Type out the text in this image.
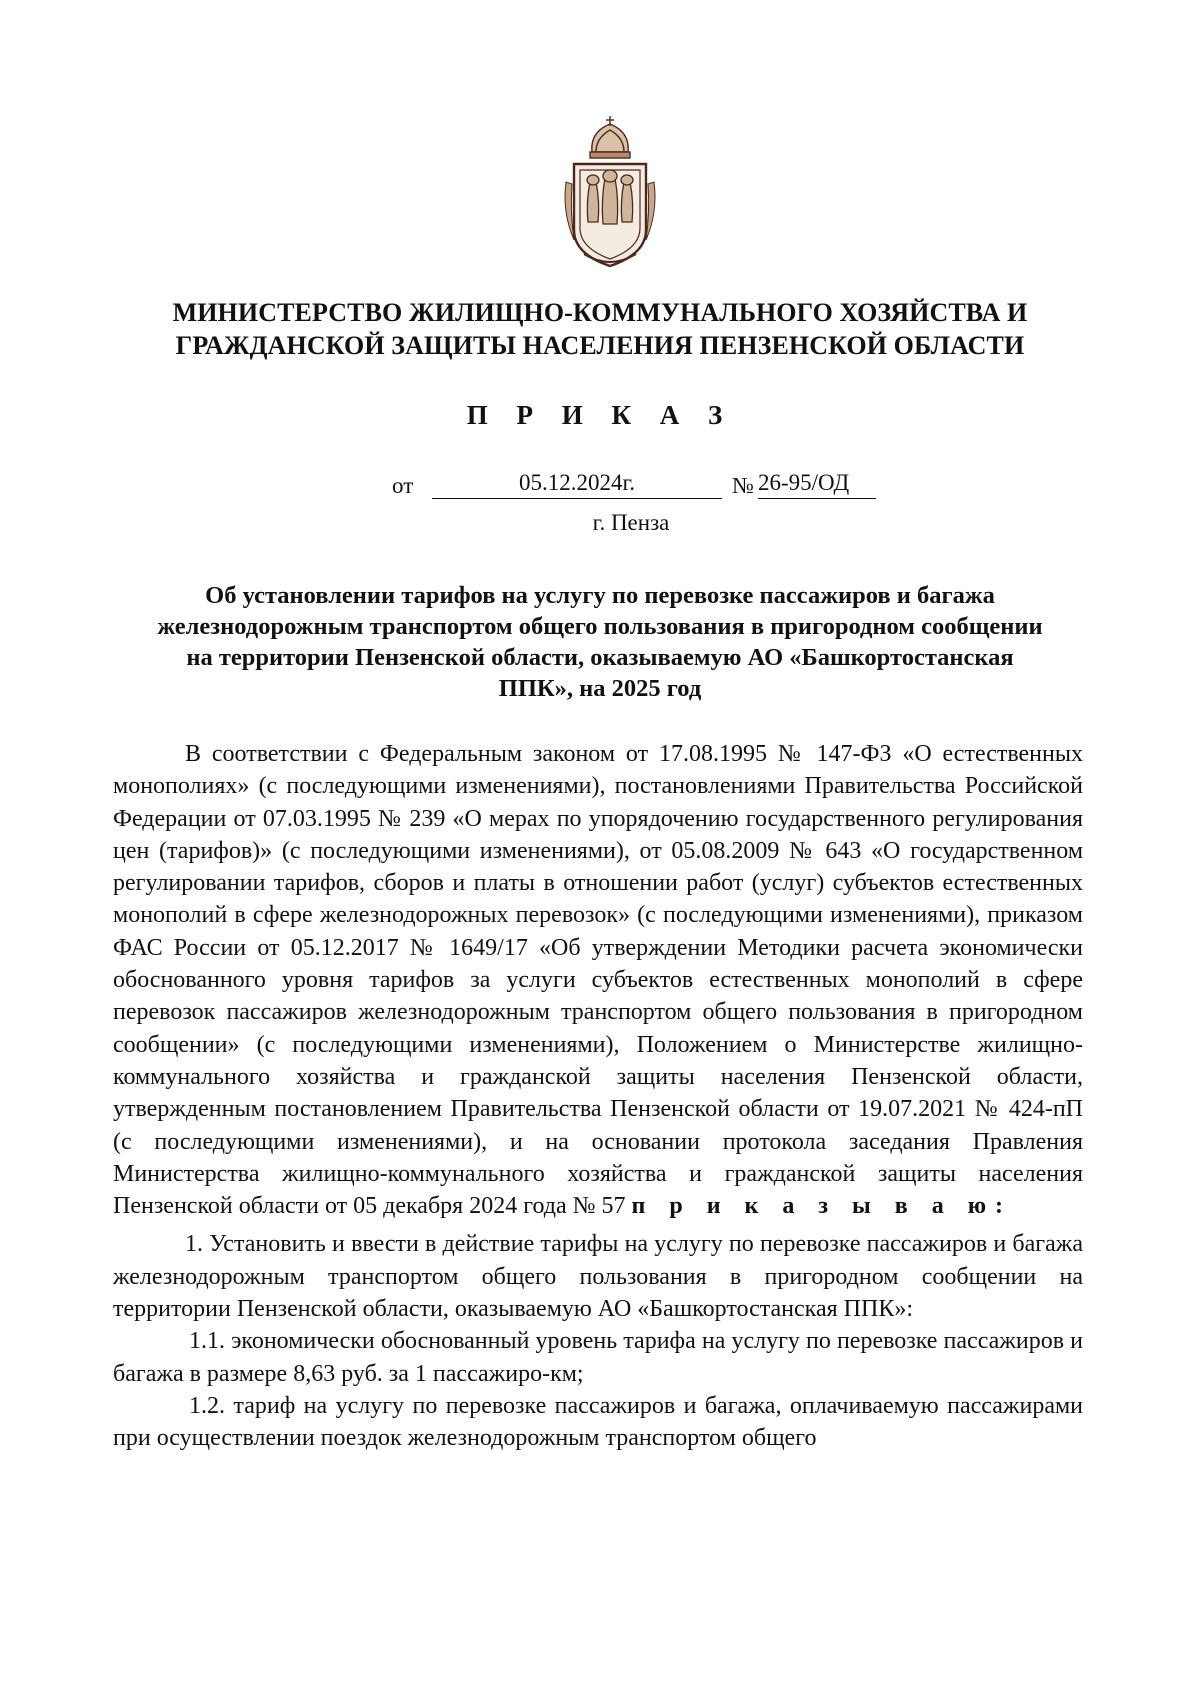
МИНИСТЕРСТВО ЖИЛИЩНО-КОММУНАЛЬНОГО ХОЗЯЙСТВА И
ГРАЖДАНСКОЙ ЗАЩИТЫ НАСЕЛЕНИЯ ПЕНЗЕНСКОЙ ОБЛАСТИ
П Р И К А З
от	05.12.2024г.	№ 26-95/ОД
г. Пенза
Об установлении тарифов на услугу по перевозке пассажиров и багажа
железнодорожным транспортом общего пользования в пригородном сообщении
на территории Пензенской области, оказываемую АО «Башкортостанская
ППК», на 2025 год

В соответствии с Федеральным законом от 17.08.1995 № 147-ФЗ «О естественных монополиях» (с последующими изменениями), постановлениями Правительства Российской Федерации от 07.03.1995 № 239 «О мерах по упорядочению государственного регулирования цен (тарифов)» (с последующими изменениями), от 05.08.2009 № 643 «О государственном регулировании тарифов, сборов и платы в отношении работ (услуг) субъектов естественных монополий в сфере железнодорожных перевозок» (с последующими изменениями), приказом ФАС России от 05.12.2017 № 1649/17 «Об утверждении Методики расчета экономически обоснованного уровня тарифов за услуги субъектов естественных монополий в сфере перевозок пассажиров железнодорожным транспортом общего пользования в пригородном сообщении» (с последующими изменениями), Положением о Министерстве жилищно-коммунального хозяйства и гражданской защиты населения Пензенской области, утвержденным постановлением Правительства Пензенской области от 19.07.2021 № 424-пП (с последующими изменениями), и на основании протокола заседания Правления Министерства жилищно-коммунального хозяйства и гражданской защиты населения Пензенской области от 05 декабря 2024 года № 57 п р и к а з ы в а ю:

1. Установить и ввести в действие тарифы на услугу по перевозке пассажиров и багажа железнодорожным транспортом общего пользования в пригородном сообщении на территории Пензенской области, оказываемую АО «Башкортостанская ППК»:

1.1. экономически обоснованный уровень тарифа на услугу по перевозке пассажиров и багажа в размере 8,63 руб. за 1 пассажиро-км;

1.2. тариф на услугу по перевозке пассажиров и багажа, оплачиваемую пассажирами при осуществлении поездок железнодорожным транспортом общего
